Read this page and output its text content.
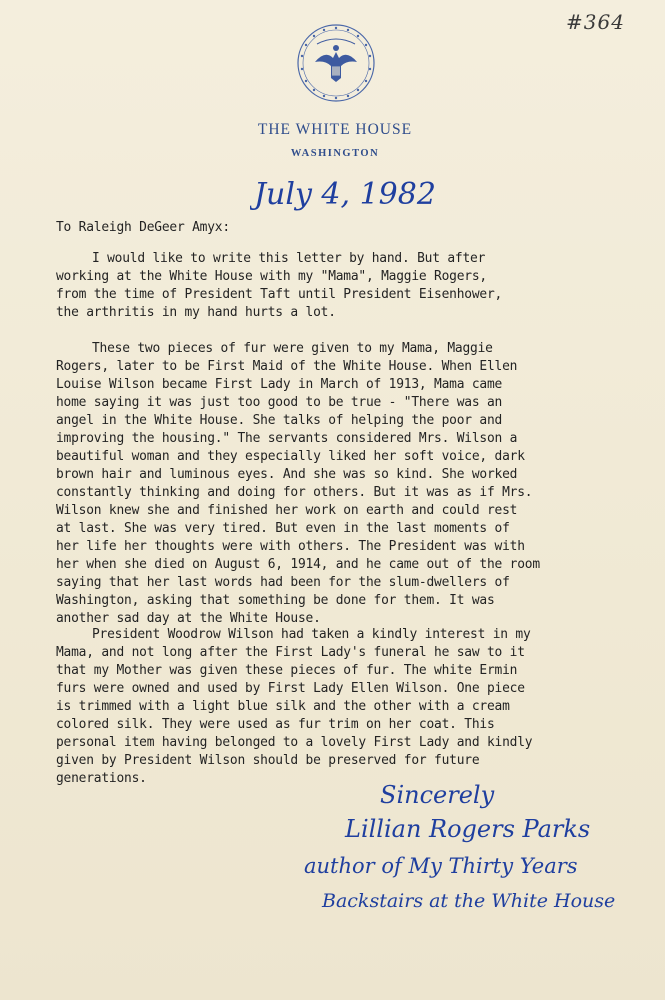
#364
THE WHITE HOUSE
WASHINGTON
July 4, 1982
To Raleigh DeGeer Amyx:
I would like to write this letter by hand. But after
working at the White House with my "Mama", Maggie Rogers,
from the time of President Taft until President Eisenhower,
the arthritis in my hand hurts a lot.
These two pieces of fur were given to my Mama, Maggie
Rogers, later to be First Maid of the White House. When Ellen
Louise Wilson became First Lady in March of 1913, Mama came
home saying it was just too good to be true - "There was an
angel in the White House. She talks of helping the poor and
improving the housing." The servants considered Mrs. Wilson a
beautiful woman and they especially liked her soft voice, dark
brown hair and luminous eyes. And she was so kind. She worked
constantly thinking and doing for others. But it was as if Mrs.
Wilson knew she and finished her work on earth and could rest
at last. She was very tired. But even in the last moments of
her life her thoughts were with others. The President was with
her when she died on August 6, 1914, and he came out of the room
saying that her last words had been for the slum-dwellers of
Washington, asking that something be done for them. It was
another sad day at the White House.
President Woodrow Wilson had taken a kindly interest in my
Mama, and not long after the First Lady's funeral he saw to it
that my Mother was given these pieces of fur. The white Ermin
furs were owned and used by First Lady Ellen Wilson. One piece
is trimmed with a light blue silk and the other with a cream
colored silk. They were used as fur trim on her coat. This
personal item having belonged to a lovely First Lady and kindly
given by President Wilson should be preserved for future
generations.
Sincerely
Lillian Rogers Parks
author of My Thirty Years
Backstairs at the White House
